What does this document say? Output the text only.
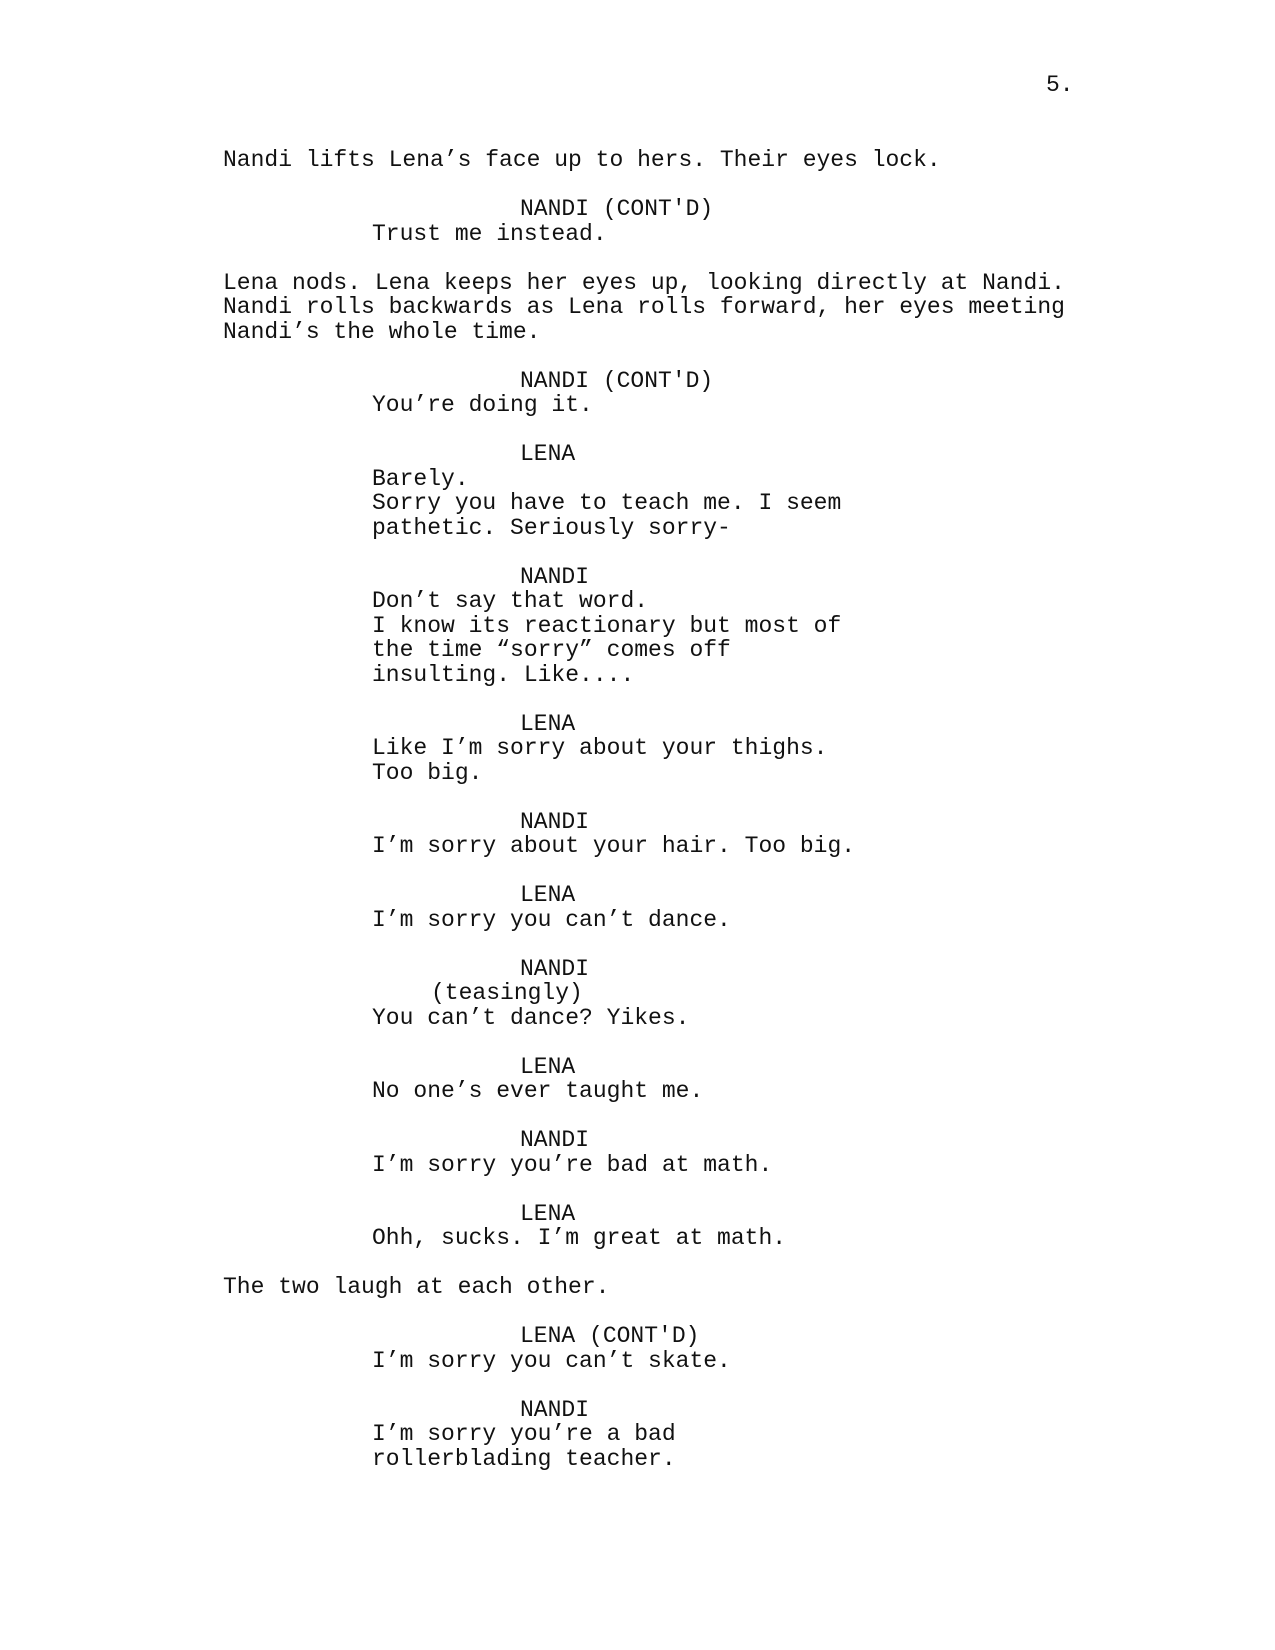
5.
Nandi lifts Lena’s face up to hers. Their eyes lock.
NANDI (CONT'D)
Trust me instead.
Lena nods. Lena keeps her eyes up, looking directly at Nandi.
Nandi rolls backwards as Lena rolls forward, her eyes meeting
Nandi’s the whole time.
NANDI (CONT'D)
You’re doing it.
LENA
Barely.
Sorry you have to teach me. I seem
pathetic. Seriously sorry-
NANDI
Don’t say that word.
I know its reactionary but most of
the time “sorry” comes off
insulting. Like....
LENA
Like I’m sorry about your thighs.
Too big.
NANDI
I’m sorry about your hair. Too big.
LENA
I’m sorry you can’t dance.
NANDI
(teasingly)
You can’t dance? Yikes.
LENA
No one’s ever taught me.
NANDI
I’m sorry you’re bad at math.
LENA
Ohh, sucks. I’m great at math.
The two laugh at each other.
LENA (CONT'D)
I’m sorry you can’t skate.
NANDI
I’m sorry you’re a bad
rollerblading teacher.
